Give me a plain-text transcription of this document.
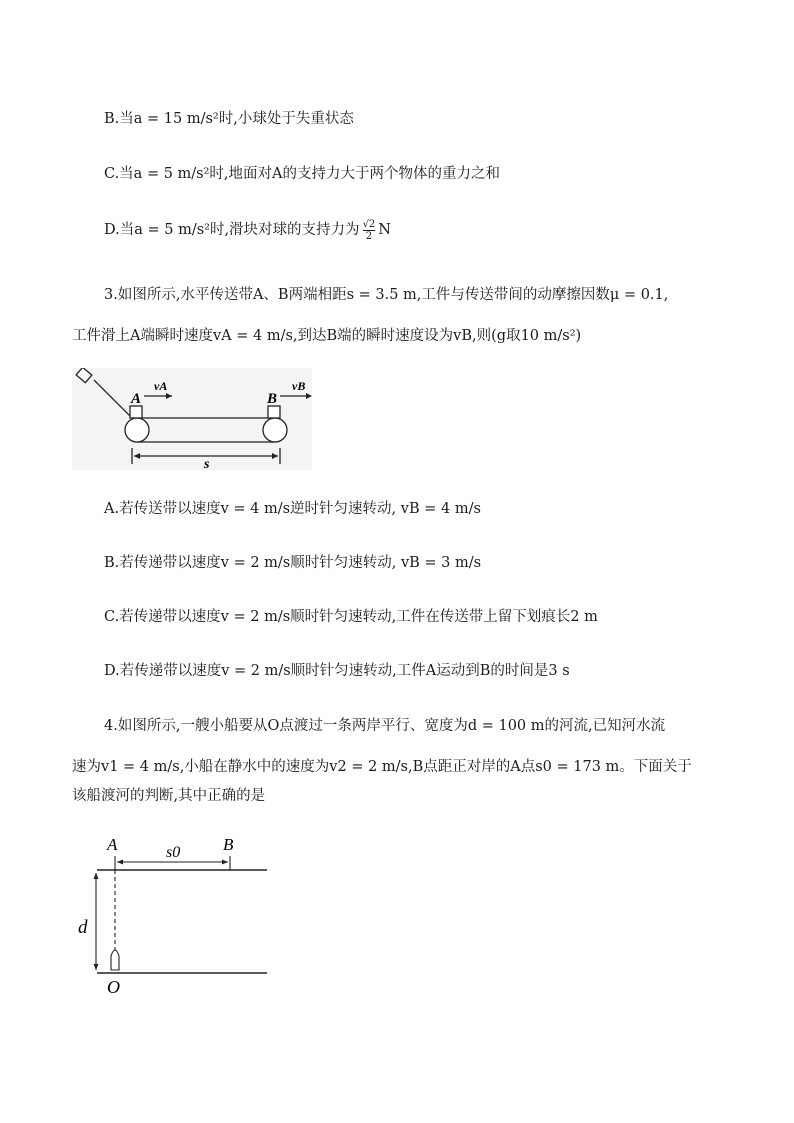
B.当a = 15 m/s²时,小球处于失重状态
C.当a = 5 m/s²时,地面对A的支持力大于两个物体的重力之和
D.当a = 5 m/s²时,滑块对球的支持力为 $\frac{√2}{2}$ N
3.如图所示,水平传送带A、B两端相距s = 3.5 m,工件与传送带间的动摩擦因数μ = 0.1,
工件滑上A端瞬时速度vA = 4 m/s,到达B端的瞬时速度设为vB,则(g取10 m/s²)
A	B
vA	vB
s
A.若传送带以速度v = 4 m/s逆时针匀速转动, vB = 4 m/s
B.若传递带以速度v = 2 m/s顺时针匀速转动, vB = 3 m/s
C.若传递带以速度v = 2 m/s顺时针匀速转动,工件在传送带上留下划痕长2 m
D.若传递带以速度v = 2 m/s顺时针匀速转动,工件A运动到B的时间是3 s
4.如图所示,一艘小船要从O点渡过一条两岸平行、宽度为d = 100 m的河流,已知河水流
速为v1 = 4 m/s,小船在静水中的速度为v2 = 2 m/s,B点距正对岸的A点s0 = 173 m。下面关于
该船渡河的判断,其中正确的是
A	B
s0
d
O
